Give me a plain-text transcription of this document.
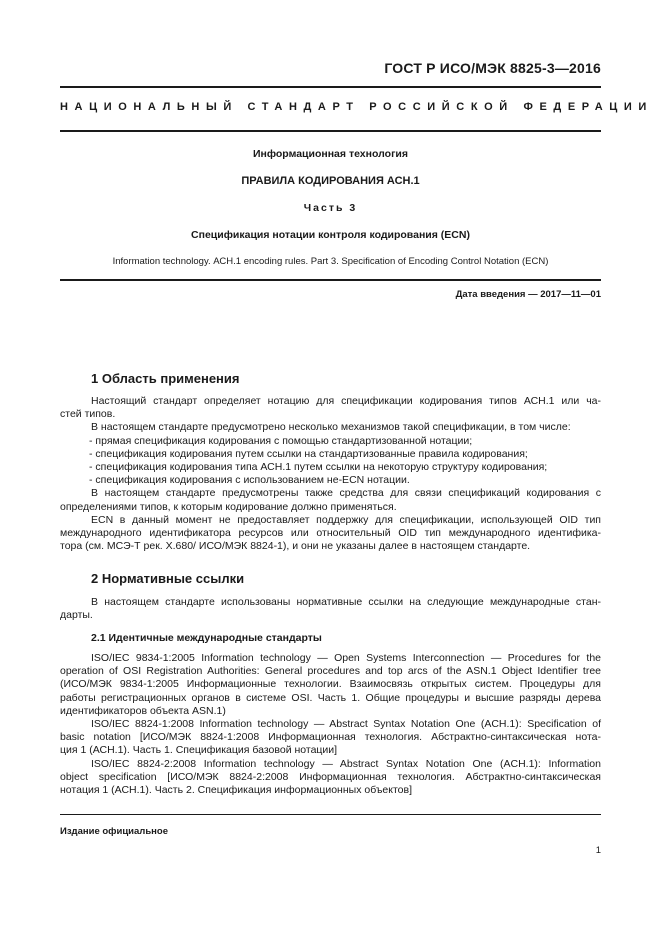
ГОСТ Р ИСО/МЭК 8825-3—2016
НАЦИОНАЛЬНЫЙ СТАНДАРТ РОССИЙСКОЙ ФЕДЕРАЦИИ
Информационная технология
ПРАВИЛА КОДИРОВАНИЯ АСН.1
Часть 3
Спецификация нотации контроля кодирования (ECN)
Information technology. АСН.1 encoding rules. Part 3. Specification of Encoding Control Notation (ECN)
Дата введения — 2017—11—01
1 Область применения
Настоящий стандарт определяет нотацию для спецификации кодирования типов АСН.1 или ча-
стей типов.
В настоящем стандарте предусмотрено несколько механизмов такой спецификации, в том числе:
- прямая спецификация кодирования с помощью стандартизованной нотации;
- спецификация кодирования путем ссылки на стандартизованные правила кодирования;
- спецификация кодирования типа АСН.1 путем ссылки на некоторую структуру кодирования;
- спецификация кодирования с использованием не-ECN нотации.
В настоящем стандарте предусмотрены также средства для связи спецификаций кодирования с
определениями типов, к которым кодирование должно применяться.
ECN в данный момент не предоставляет поддержку для спецификации, использующей OID тип
международного идентификатора ресурсов или относительный OID тип международного идентифика-
тора (см. МСЭ-Т рек. Х.680/ ИСО/МЭК 8824-1), и они не указаны далее в настоящем стандарте.
2 Нормативные ссылки
В настоящем стандарте использованы нормативные ссылки на следующие международные стан-
дарты.
2.1 Идентичные международные стандарты
ISO/IEC 9834-1:2005 Information technology — Open Systems Interconnection — Procedures for the
operation of OSI Registration Authorities: General procedures and top arcs of the ASN.1 Object Identifier tree
(ИСО/МЭК 9834-1:2005 Информационные технологии. Взаимосвязь открытых систем. Процедуры для
работы регистрационных органов в системе OSI. Часть 1. Общие процедуры и высшие разряды дерева
идентификаторов объекта ASN.1)
ISO/IEC 8824-1:2008 Information technology — Abstract Syntax Notation One (ACH.1): Specification of
basic notation [ИСО/МЭК 8824-1:2008 Информационная технология. Абстрактно-синтаксическая нота-
ция 1 (АСН.1). Часть 1. Спецификация базовой нотации]
ISO/IEC 8824-2:2008 Information technology — Abstract Syntax Notation One (ACH.1): Information
object specification [ИСО/МЭК 8824-2:2008 Информационная технология. Абстрактно-синтаксическая
нотация 1 (АСН.1). Часть 2. Спецификация информационных объектов]
Издание официальное
1
